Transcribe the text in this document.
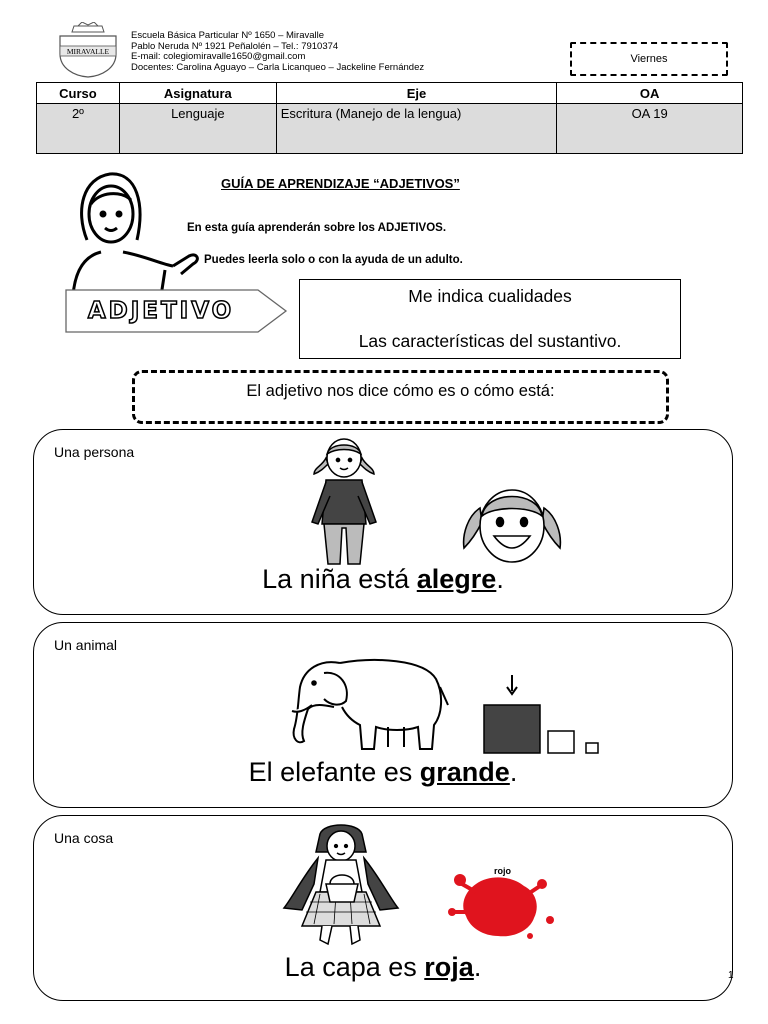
MIRAVALLE
Escuela Básica Particular Nº 1650 – Miravalle
Pablo Neruda Nº 1921 Peñalolén – Tel.: 7910374
E-mail: colegiomiravalle1650@gmail.com
Docentes: Carolina Aguayo – Carla Licanqueo – Jackeline Fernández
Viernes
Curso	Asignatura	Eje	OA
2º	Lenguaje	Escritura (Manejo de la lengua)	OA 19
GUÍA DE APRENDIZAJE “ADJETIVOS”
En esta guía aprenderán sobre los ADJETIVOS.
Puedes leerla solo o con la ayuda de un adulto.
ADJETIVO
Me indica cualidades
Las características del sustantivo.
El adjetivo nos dice cómo es o cómo está:
Una persona
La niña está alegre.
Un animal
El elefante es grande.
Una cosa
rojo
La capa es roja.	1
